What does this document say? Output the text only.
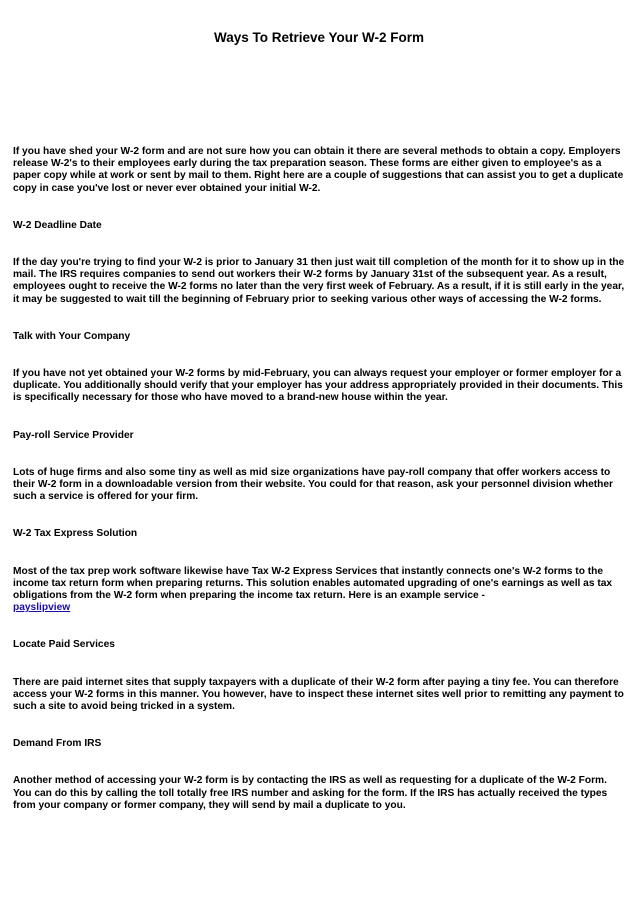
Ways To Retrieve Your W-2 Form

If you have shed your W-2 form and are not sure how you can obtain it there are several methods to obtain a copy. Employers release W-2's to their employees early during the tax preparation season. These forms are either given to employee's as a paper copy while at work or sent by mail to them. Right here are a couple of suggestions that can assist you to get a duplicate copy in case you've lost or never ever obtained your initial W-2.

W-2 Deadline Date

If the day you're trying to find your W-2 is prior to January 31 then just wait till completion of the month for it to show up in the mail. The IRS requires companies to send out workers their W-2 forms by January 31st of the subsequent year. As a result, employees ought to receive the W-2 forms no later than the very first week of February. As a result, if it is still early in the year, it may be suggested to wait till the beginning of February prior to seeking various other ways of accessing the W-2 forms.

Talk with Your Company

If you have not yet obtained your W-2 forms by mid-February, you can always request your employer or former employer for a duplicate. You additionally should verify that your employer has your address appropriately provided in their documents. This is specifically necessary for those who have moved to a brand-new house within the year.

Pay-roll Service Provider

Lots of huge firms and also some tiny as well as mid size organizations have pay-roll company that offer workers access to their W-2 form in a downloadable version from their website. You could for that reason, ask your personnel division whether such a service is offered for your firm.

W-2 Tax Express Solution

Most of the tax prep work software likewise have Tax W-2 Express Services that instantly connects one's W-2 forms to the income tax return form when preparing returns. This solution enables automated upgrading of one's earnings as well as tax obligations from the W-2 form when preparing the income tax return. Here is an example service -
payslipview

Locate Paid Services

There are paid internet sites that supply taxpayers with a duplicate of their W-2 form after paying a tiny fee. You can therefore access your W-2 forms in this manner. You however, have to inspect these internet sites well prior to remitting any payment to such a site to avoid being tricked in a system.

Demand From IRS

Another method of accessing your W-2 form is by contacting the IRS as well as requesting for a duplicate of the W-2 Form. You can do this by calling the toll totally free IRS number and asking for the form. If the IRS has actually received the types from your company or former company, they will send by mail a duplicate to you.
